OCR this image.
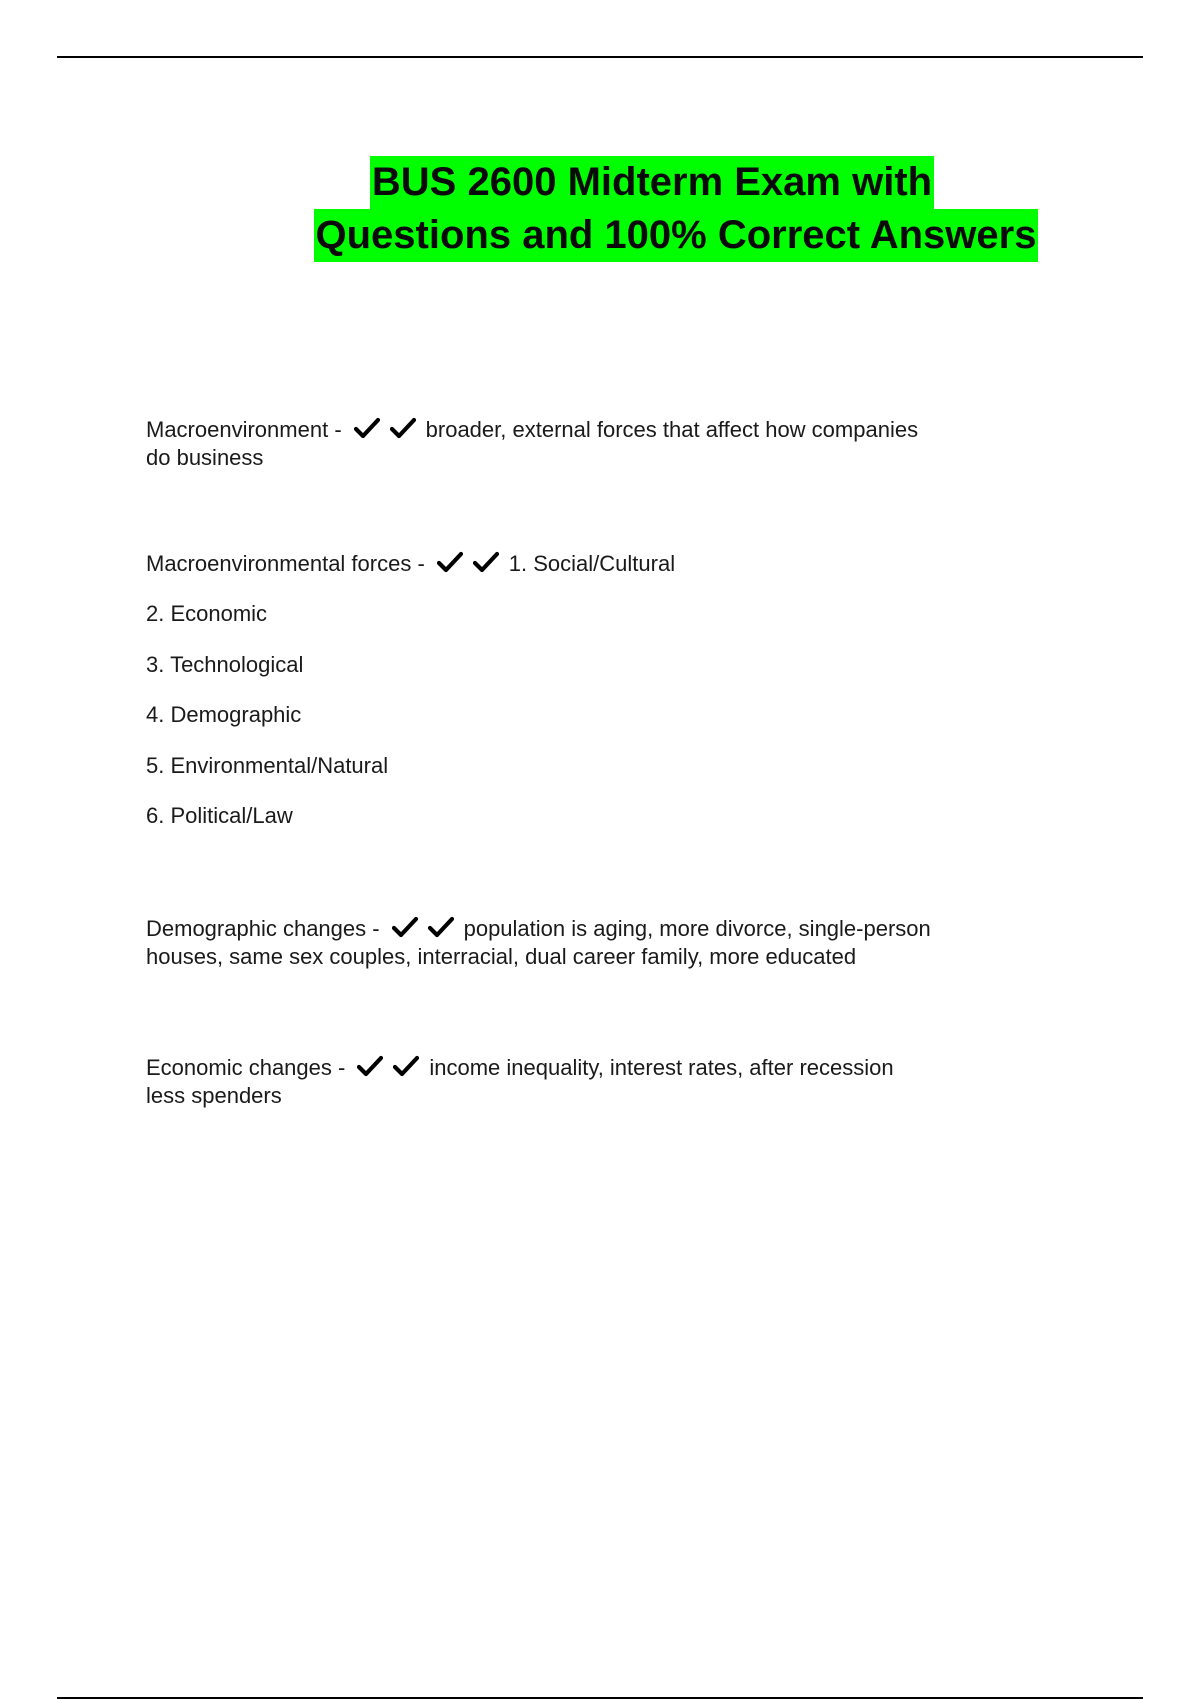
BUS 2600 Midterm Exam with
Questions and 100% Correct Answers
Macroenvironment -	broader, external forces that affect how companies
do business
Macroenvironmental forces -	1. Social/Cultural
2. Economic
3. Technological
4. Demographic
5. Environmental/Natural
6. Political/Law
Demographic changes -	population is aging, more divorce, single-person
houses, same sex couples, interracial, dual career family, more educated
Economic changes -	income inequality, interest rates, after recession
less spenders
